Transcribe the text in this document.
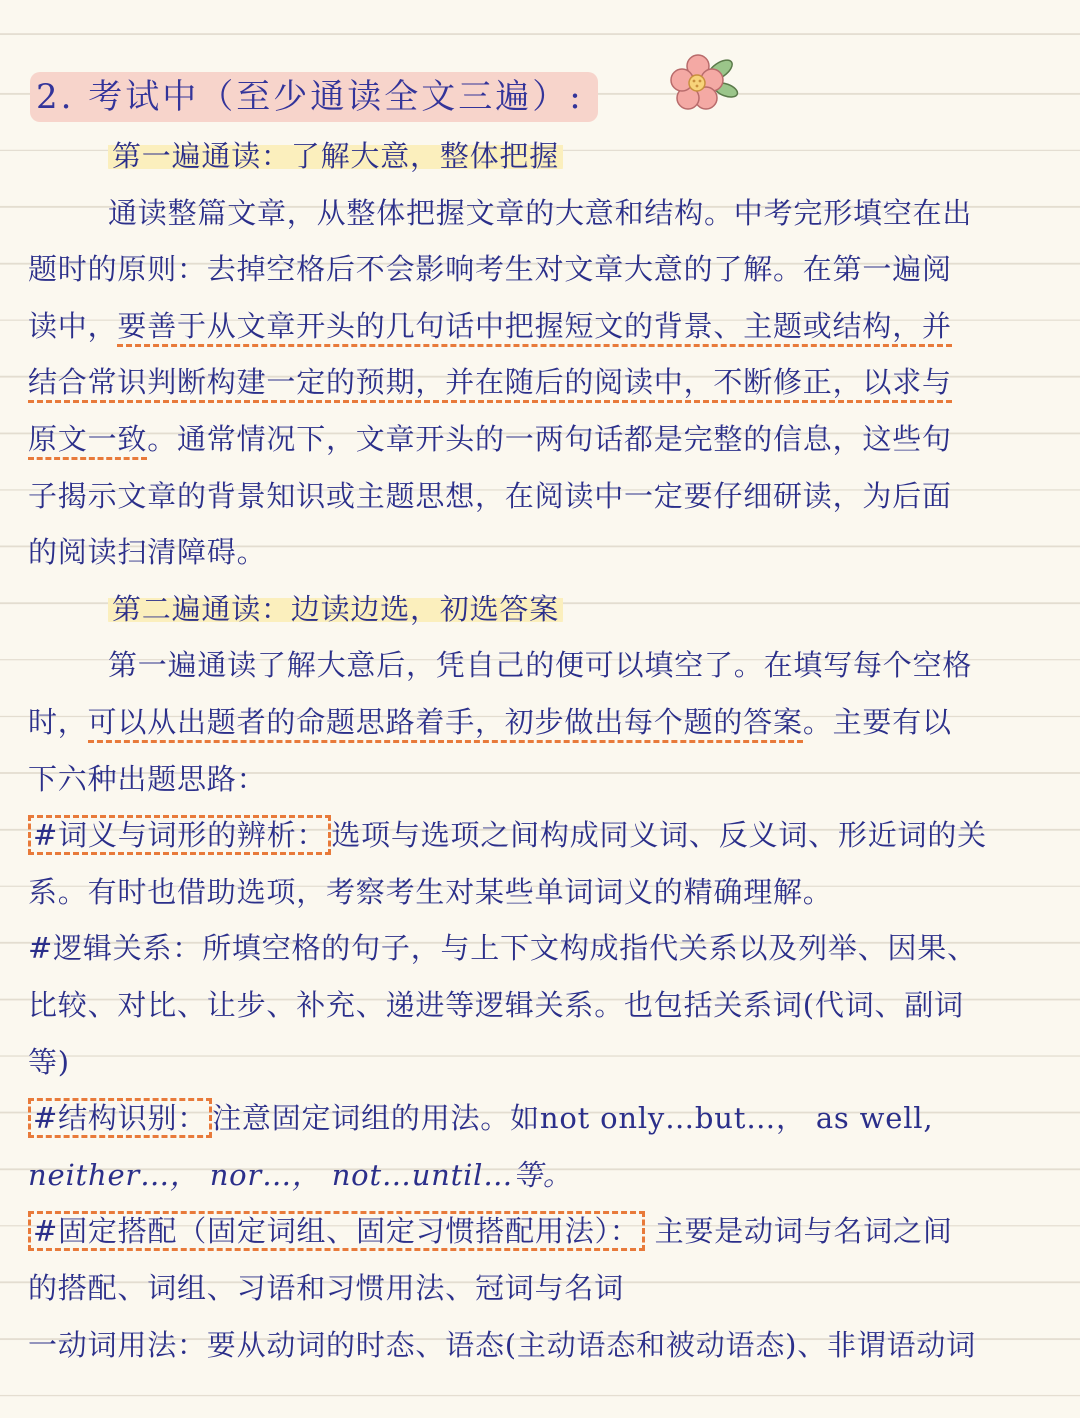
2. 考试中（至少通读全文三遍）:
第一遍通读：了解大意，整体把握
通读整篇文章，从整体把握文章的大意和结构。中考完形填空在出
题时的原则：去掉空格后不会影响考生对文章大意的了解。在第一遍阅
读中，要善于从文章开头的几句话中把握短文的背景、主题或结构，并
结合常识判断构建一定的预期，并在随后的阅读中，不断修正，以求与
原文一致。通常情况下，文章开头的一两句话都是完整的信息，这些句
子揭示文章的背景知识或主题思想，在阅读中一定要仔细研读，为后面
的阅读扫清障碍。
第二遍通读：边读边选，初选答案
第一遍通读了解大意后，凭自己的便可以填空了。在填写每个空格
时，可以从出题者的命题思路着手，初步做出每个题的答案。主要有以
下六种出题思路：
#词义与词形的辨析： 选项与选项之间构成同义词、反义词、形近词的关
系。有时也借助选项，考察考生对某些单词词义的精确理解。
#逻辑关系：所填空格的句子，与上下文构成指代关系以及列举、因果、
比较、对比、让步、补充、递进等逻辑关系。也包括关系词(代词、副词
等)
#结构识别： 注意固定词组的用法。如not only…but…， as well,
neither…， nor…， not…until…等。
#固定搭配（固定词组、固定习惯搭配用法）： 主要是动词与名词之间
的搭配、词组、习语和习惯用法、冠词与名词
一动词用法：要从动词的时态、语态(主动语态和被动语态)、非谓语动词
